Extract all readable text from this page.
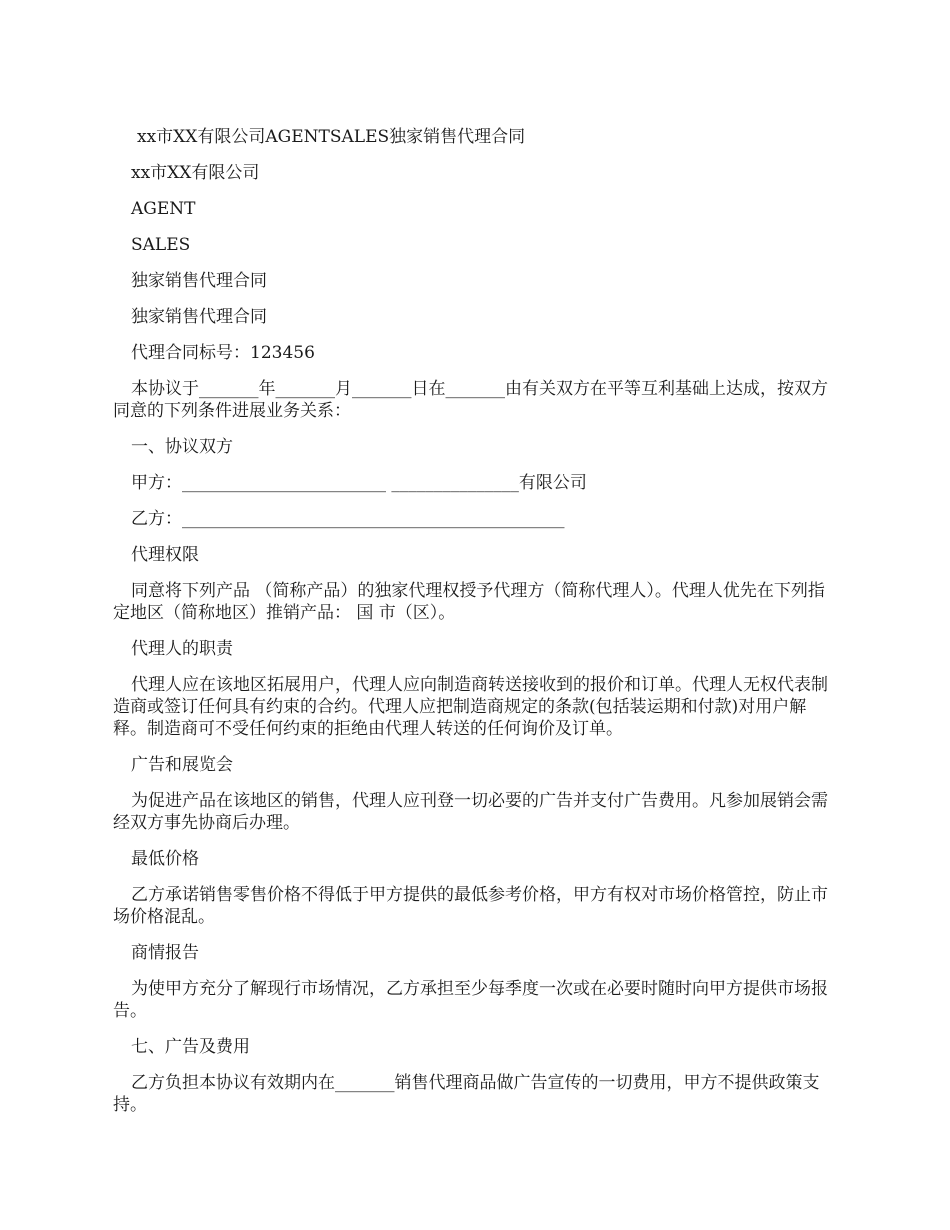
xx市XX有限公司AGENTSALES独家销售代理合同

xx市XX有限公司

AGENT

SALES

独家销售代理合同

独家销售代理合同

代理合同标号：123456

本协议于_______年_______月_______日在_______由有关双方在平等互利基础上达成，按双方同意的下列条件进展业务关系：

一、协议双方

甲方：________________________ _______________有限公司

乙方：_____________________________________________

代理权限

同意将下列产品 （简称产品）的独家代理权授予代理方（简称代理人）。代理人优先在下列指定地区（简称地区）推销产品： 国 市（区）。

代理人的职责

代理人应在该地区拓展用户，代理人应向制造商转送接收到的报价和订单。代理人无权代表制造商或签订任何具有约束的合约。代理人应把制造商规定的条款(包括装运期和付款)对用户解释。制造商可不受任何约束的拒绝由代理人转送的任何询价及订单。

广告和展览会

为促进产品在该地区的销售，代理人应刊登一切必要的广告并支付广告费用。凡参加展销会需经双方事先协商后办理。

最低价格

乙方承诺销售零售价格不得低于甲方提供的最低参考价格，甲方有权对市场价格管控，防止市场价格混乱。

商情报告

为使甲方充分了解现行市场情况，乙方承担至少每季度一次或在必要时随时向甲方提供市场报告。

七、广告及费用

乙方负担本协议有效期内在_______销售代理商品做广告宣传的一切费用，甲方不提供政策支持。
